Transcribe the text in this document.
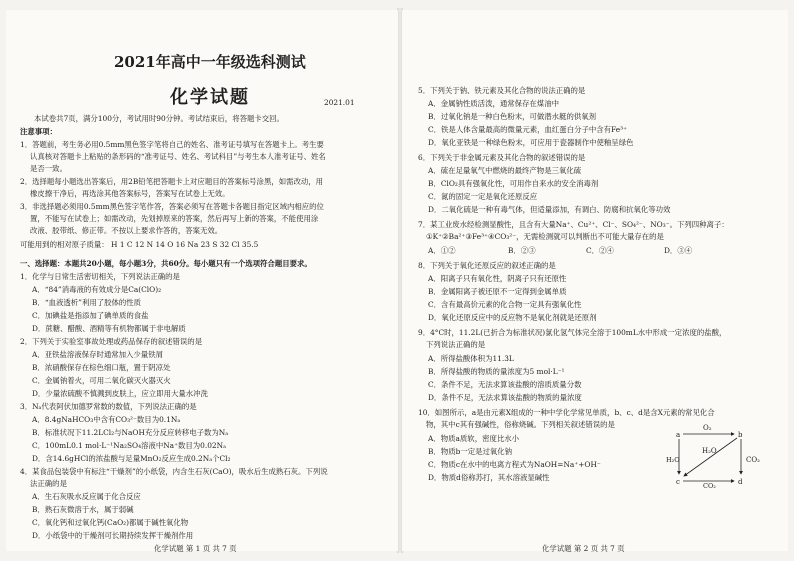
2021年高中一年级选科测试
化学试题	2021.01
本试卷共7页，满分100分，考试用时90分钟。考试结束后，将答题卡交回。
注意事项：
1．答题前，考生务必用0.5mm黑色签字笔将自己的姓名、准考证号填写在答题卡上。考生要
认真核对答题卡上粘贴的条形码的“准考证号、姓名、考试科目”与考生本人准考证号、姓名
是否一致。
2．选择题每小题选出答案后，用2B铅笔把答题卡上对应题目的答案标号涂黑，如需改动，用
橡皮擦干净后，再选涂其他答案标号，答案写在试卷上无效。
3．非选择题必须用0.5mm黑色签字笔作答，答案必须写在答题卡各题目指定区域内相应的位
置，不能写在试卷上；如需改动，先划掉原来的答案，然后再写上新的答案，不能使用涂
改液、胶带纸、修正带。不按以上要求作答的，答案无效。
可能用到的相对原子质量： H 1 C 12 N 14 O 16 Na 23 S 32 Cl 35.5
一、选择题：本题共20小题，每小题3分，共60分。每小题只有一个选项符合题目要求。
1．化学与日常生活密切相关，下列说法正确的是
A．“84”消毒液的有效成分是Ca(ClO)₂
B．“血液透析”利用了胶体的性质
C．加碘盐是指添加了碘单质的食盐
D．蔗糖、醋酸、酒精等有机物都属于非电解质
2．下列关于实验室事故处理或药品保存的叙述错误的是
A．亚铁盐溶液保存时通常加入少量铁屑
B．浓硝酸保存在棕色细口瓶，置于阴凉处
C．金属钠着火，可用二氧化碳灭火器灭火
D．少量浓硫酸不慎溅到皮肤上，应立即用大量水冲洗
3．Nₐ代表阿伏加德罗常数的数值，下列说法正确的是
A．8.4gNaHCO₃中含有CO₃²⁻数目为0.1Nₐ
B．标准状况下11.2LCl₂与NaOH充分反应转移电子数为Nₐ
C．100mL0.1 mol·L⁻¹Na₂SO₄溶液中Na⁺数目为0.02Nₐ
D．含14.6gHCl的浓盐酸与足量MnO₂反应生成0.2Nₐ个Cl₂
4．某食品包装袋中有标注“干燥剂”的小纸袋，内含生石灰(CaO)，吸水后生成熟石灰。下列说
法正确的是
A．生石灰吸水反应属于化合反应
B．熟石灰微溶于水，属于弱碱
C．氧化钙和过氧化钙(CaO₂)都属于碱性氧化物
D．小纸袋中的干燥剂可长期持续发挥干燥剂作用
化学试题 第 1 页 共 7 页
5．下列关于钠、铁元素及其化合物的说法正确的是
A．金属钠性质活泼，通常保存在煤油中
B．过氧化钠是一种白色粉末，可做潜水艇的供氧剂
C．铁是人体含量最高的微量元素，血红蛋白分子中含有Fe³⁺
D．氧化亚铁是一种绿色粉末，可应用于瓷器制作中使釉呈绿色
6．下列关于非金属元素及其化合物的叙述错误的是
A．硫在足量氧气中燃烧的最终产物是三氧化硫
B．ClO₂具有强氧化性，可用作自来水的安全消毒剂
C．氮的固定一定是氧化还原反应
D．二氧化硫是一种有毒气体，但适量添加，有调白、防腐和抗氧化等功效
7．某工业废水经检测显酸性，且含有大量Na⁺、Cu²⁺、Cl⁻、SO₄²⁻、NO₃⁻。下列四种离子：
①K⁺②Ba²⁺③Fe³⁺④CO₃²⁻，无需检测就可以判断出不可能大量存在的是
A．①②	B．②③	C．②④	D．③④
8．下列关于氧化还原反应的叙述正确的是
A．阳离子只有氧化性，阴离子只有还原性
B．金属阳离子被还原不一定得到金属单质
C．含有最高价元素的化合物一定具有强氧化性
D．氧化还原反应中的反应物不是氧化剂就是还原剂
9．4°C时，11.2L(已折合为标准状况)氯化氢气体完全溶于100mL水中形成一定浓度的盐酸，
下列说法正确的是
A．所得盐酸体积为11.3L
B．所得盐酸的物质的量浓度为5 mol·L⁻¹
C．条件不足，无法求算该盐酸的溶质质量分数
D．条件不足，无法求算该盐酸的物质的量浓度
10．如图所示，a是由元素X组成的一种中学化学常见单质，b、c、d是含X元素的常见化合
物，其中c其有强碱性，俗称烧碱。下列相关叙述错误的是
A．物质a质软，密度比水小
B．物质b一定是过氧化钠
C．物质c在水中的电离方程式为NaOH=Na⁺+OH⁻
D．物质d俗称苏打，其水溶液显碱性
a	b
c	d
O₂
H₂O
H₂O
CO₂
CO₂
化学试题 第 2 页 共 7 页
